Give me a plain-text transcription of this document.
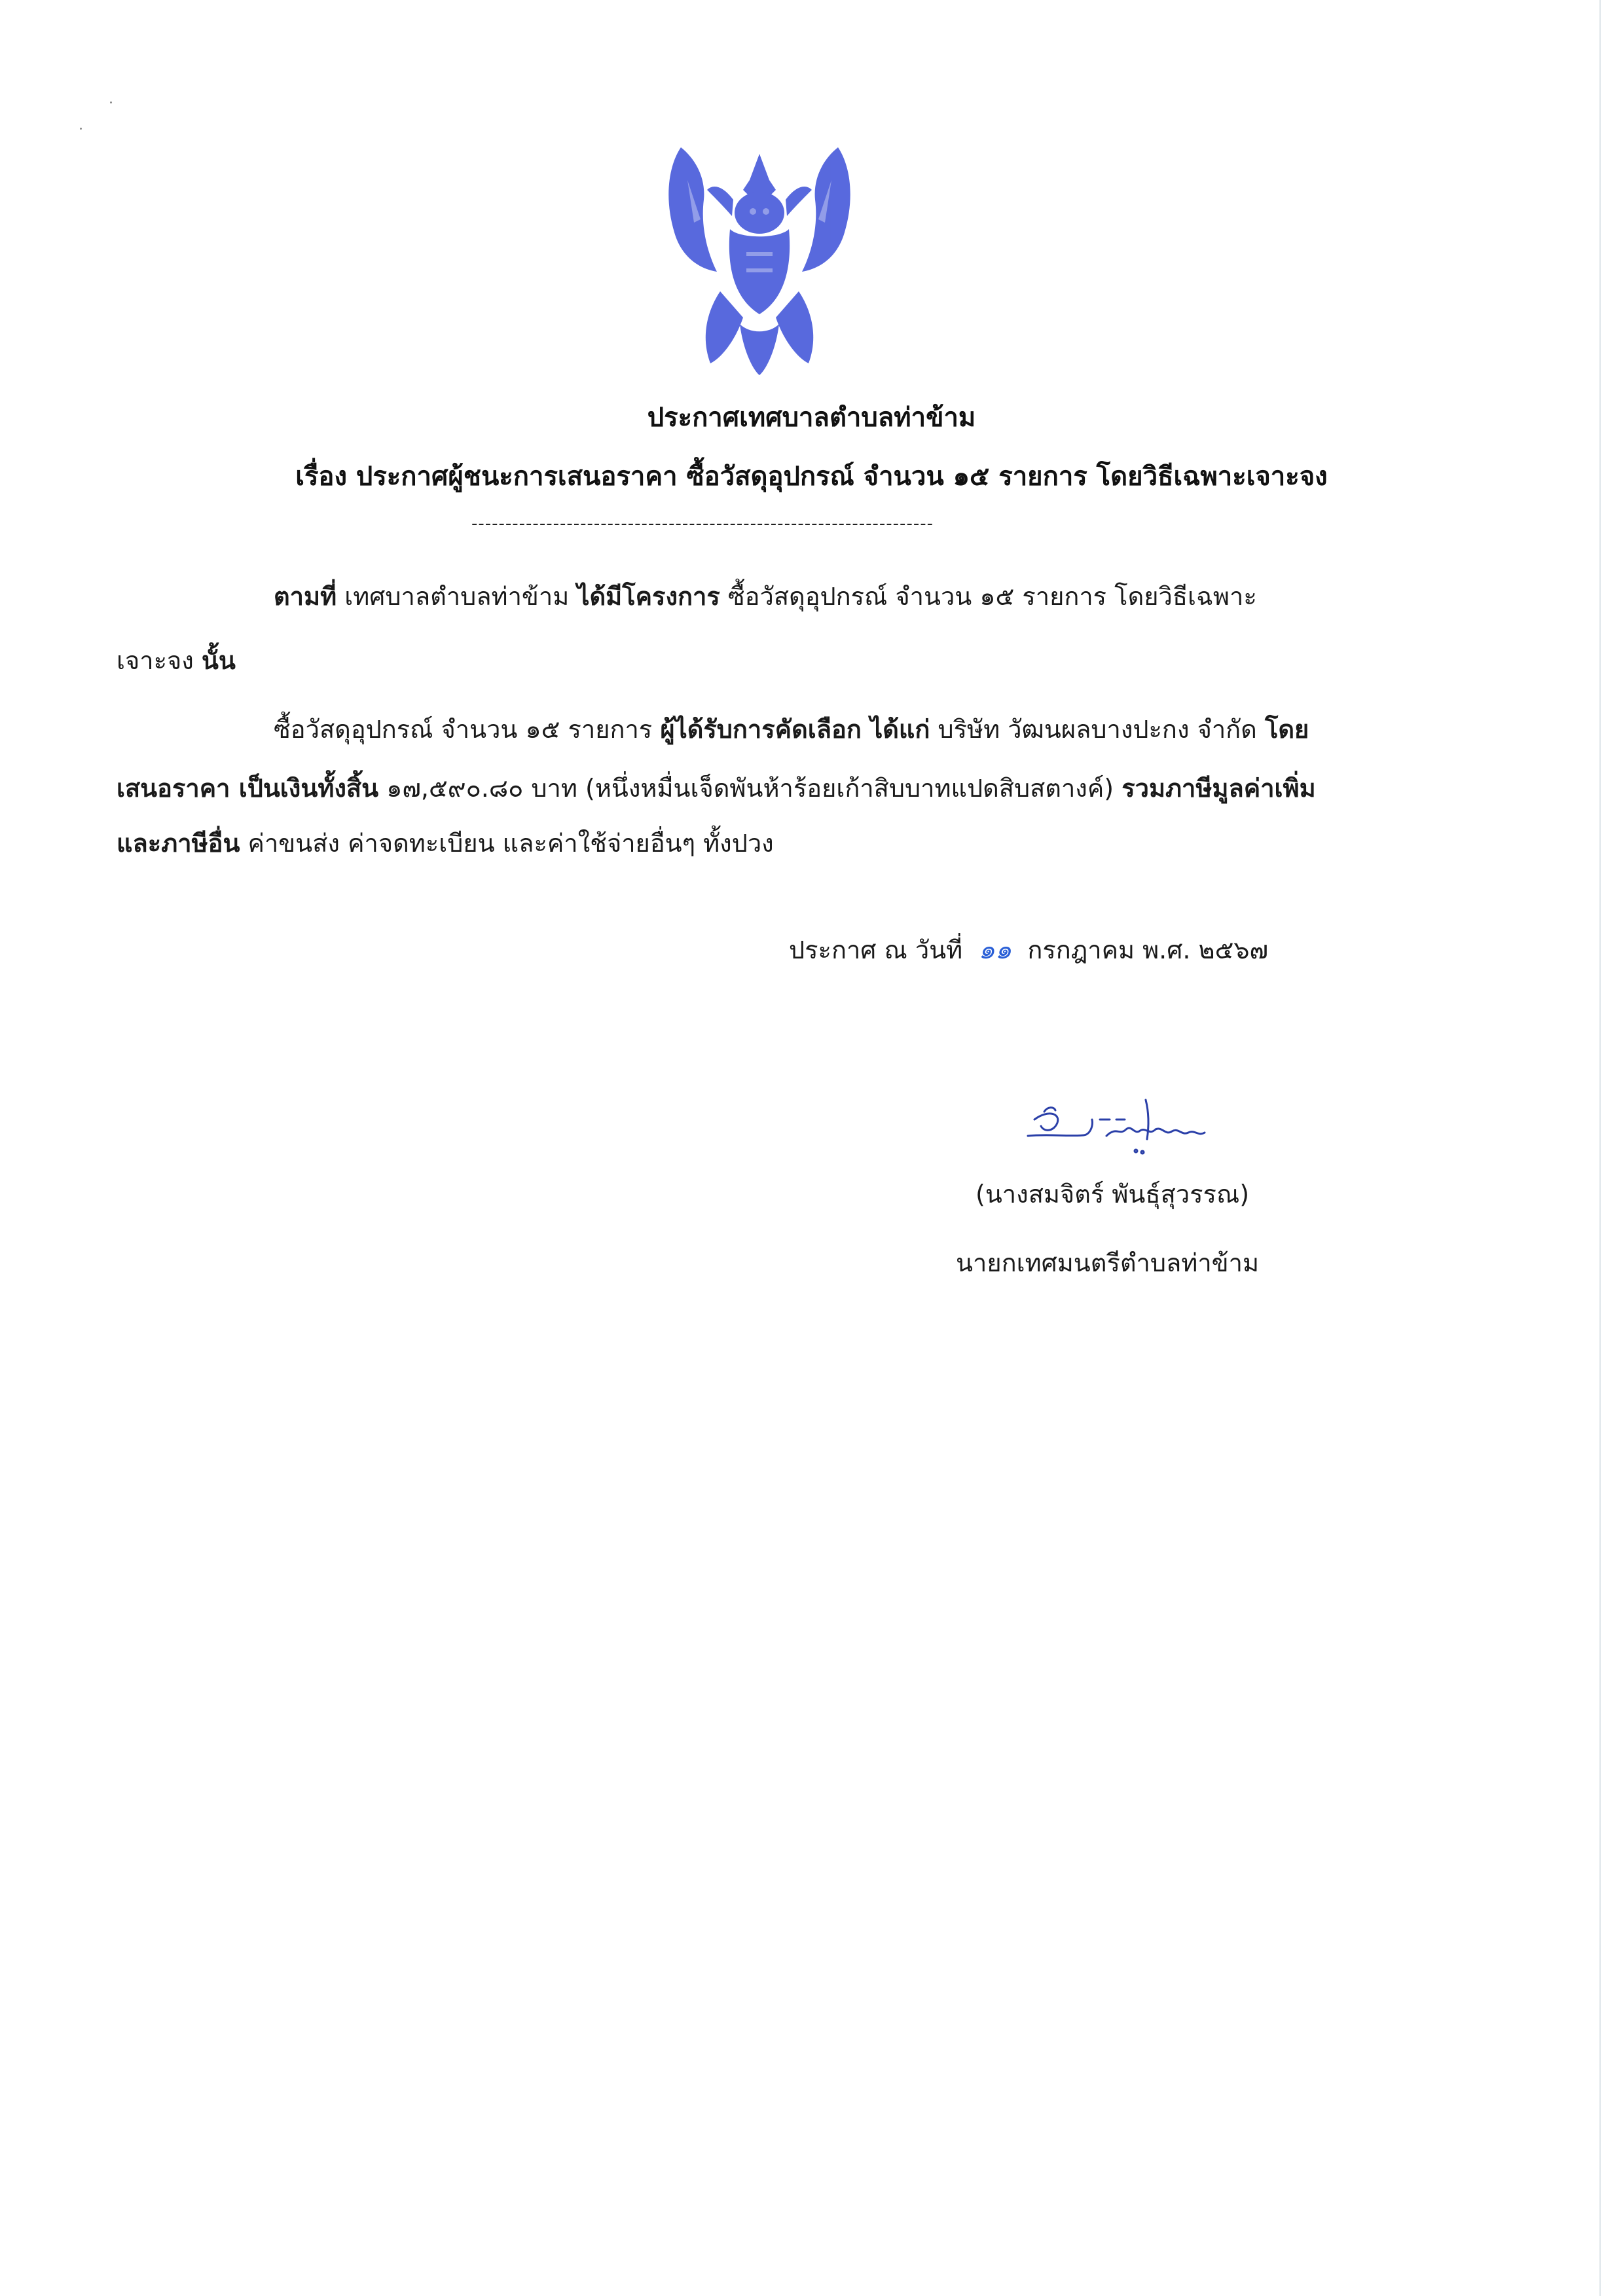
ประกาศเทศบาลตำบลท่าข้าม
เรื่อง ประกาศผู้ชนะการเสนอราคา ซื้อวัสดุอุปกรณ์ จำนวน ๑๕ รายการ โดยวิธีเฉพาะเจาะจง
--------------------------------------------------------------------
ตามที่ เทศบาลตำบลท่าข้าม ได้มีโครงการ ซื้อวัสดุอุปกรณ์ จำนวน ๑๕ รายการ โดยวิธีเฉพาะ
เจาะจง นั้น
ซื้อวัสดุอุปกรณ์ จำนวน ๑๕ รายการ ผู้ได้รับการคัดเลือก ได้แก่ บริษัท วัฒนผลบางปะกง จำกัด โดย
เสนอราคา เป็นเงินทั้งสิ้น ๑๗,๕๙๐.๘๐ บาท (หนึ่งหมื่นเจ็ดพันห้าร้อยเก้าสิบบาทแปดสิบสตางค์) รวมภาษีมูลค่าเพิ่ม
และภาษีอื่น ค่าขนส่ง ค่าจดทะเบียน และค่าใช้จ่ายอื่นๆ ทั้งปวง
ประกาศ ณ วันที่ ๑๑ กรกฎาคม พ.ศ. ๒๕๖๗
(นางสมจิตร์ พันธุ์สุวรรณ)
นายกเทศมนตรีตำบลท่าข้าม
